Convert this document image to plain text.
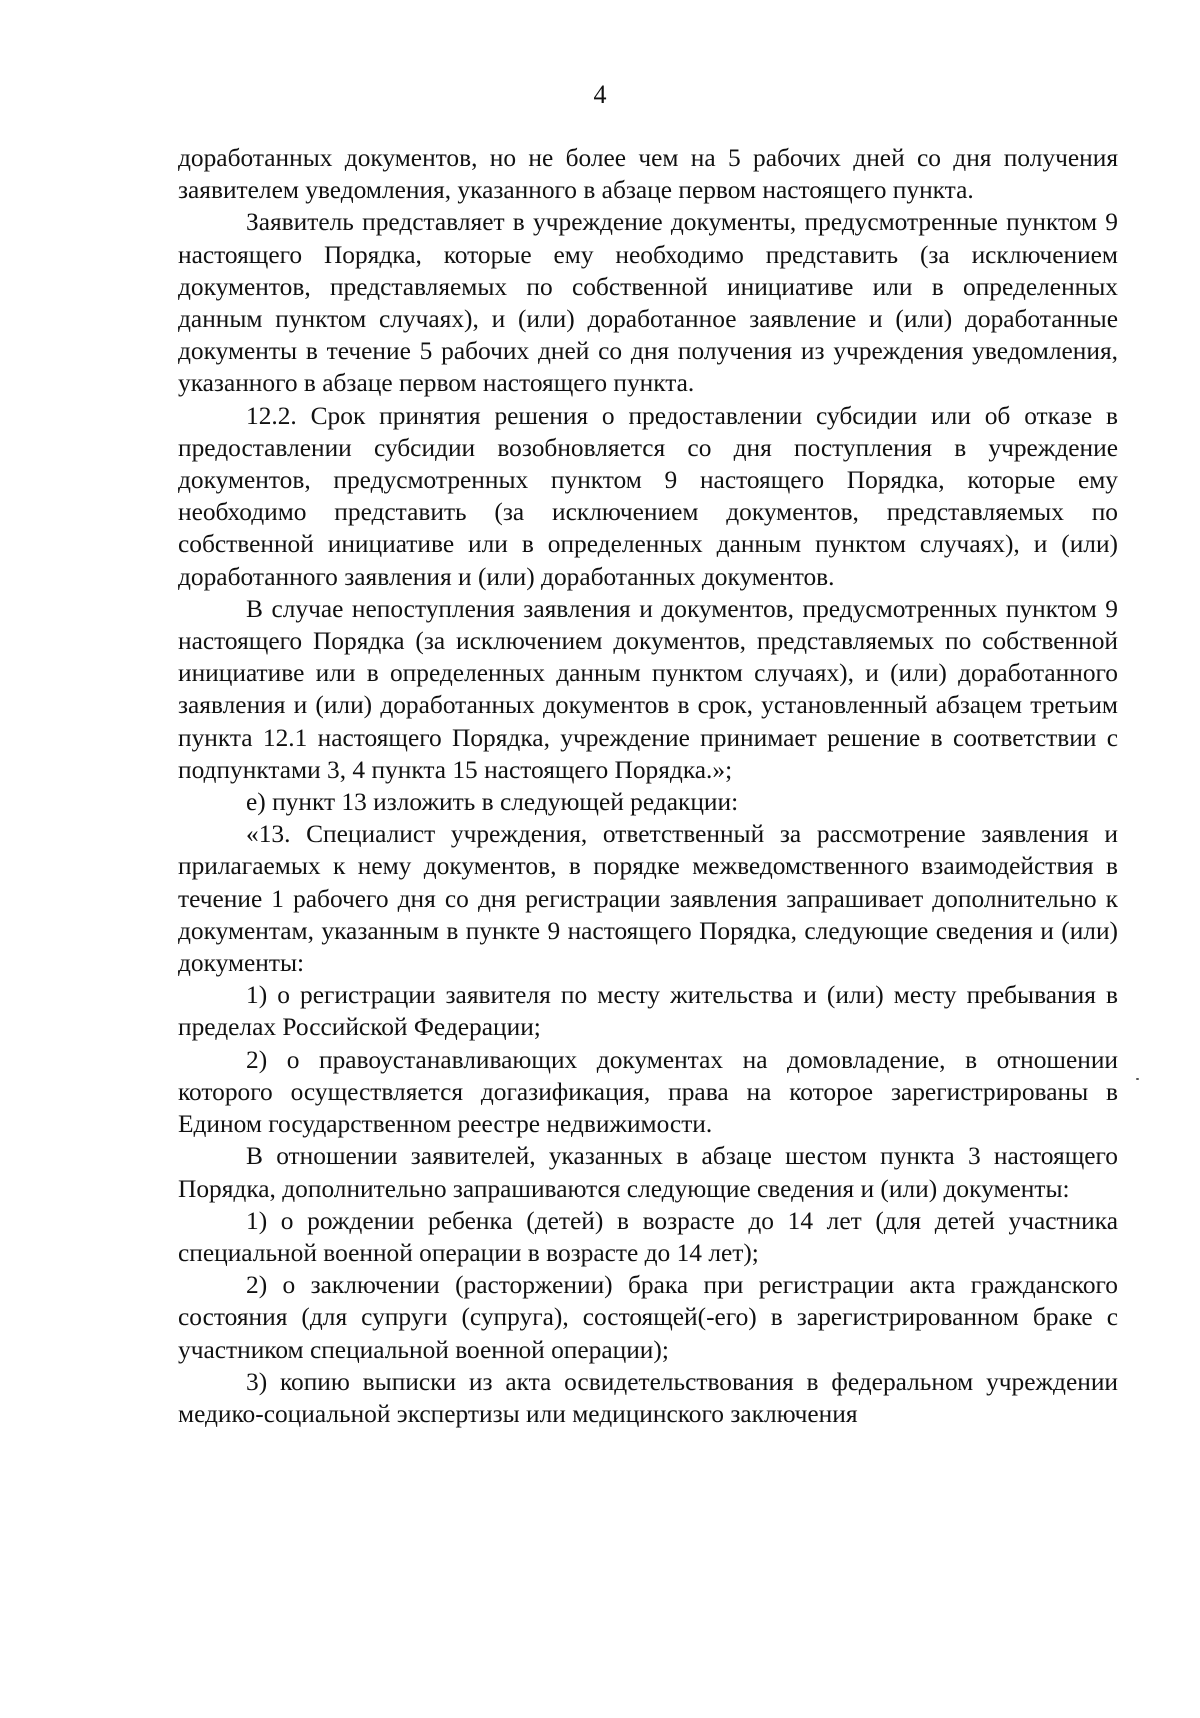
4

доработанных документов, но не более чем на 5 рабочих дней со дня получения заявителем уведомления, указанного в абзаце первом настоящего пункта.

Заявитель представляет в учреждение документы, предусмотренные пунктом 9 настоящего Порядка, которые ему необходимо представить (за исключением документов, представляемых по собственной инициативе или в определенных данным пунктом случаях), и (или) доработанное заявление и (или) доработанные документы в течение 5 рабочих дней со дня получения из учреждения уведомления, указанного в абзаце первом настоящего пункта.

12.2. Срок принятия решения о предоставлении субсидии или об отказе в предоставлении субсидии возобновляется со дня поступления в учреждение документов, предусмотренных пунктом 9 настоящего Порядка, которые ему необходимо представить (за исключением документов, представляемых по собственной инициативе или в определенных данным пунктом случаях), и (или) доработанного заявления и (или) доработанных документов.

В случае непоступления заявления и документов, предусмотренных пунктом 9 настоящего Порядка (за исключением документов, представляемых по собственной инициативе или в определенных данным пунктом случаях), и (или) доработанного заявления и (или) доработанных документов в срок, установленный абзацем третьим пункта 12.1 настоящего Порядка, учреждение принимает решение в соответствии с подпунктами 3, 4 пункта 15 настоящего Порядка.»;

е) пункт 13 изложить в следующей редакции:

«13. Специалист учреждения, ответственный за рассмотрение заявления и прилагаемых к нему документов, в порядке межведомственного взаимодействия в течение 1 рабочего дня со дня регистрации заявления запрашивает дополнительно к документам, указанным в пункте 9 настоящего Порядка, следующие сведения и (или) документы:

1) о регистрации заявителя по месту жительства и (или) месту пребывания в пределах Российской Федерации;

2) о правоустанавливающих документах на домовладение, в отношении которого осуществляется догазификация, права на которое зарегистрированы в Едином государственном реестре недвижимости.

В отношении заявителей, указанных в абзаце шестом пункта 3 настоящего Порядка, дополнительно запрашиваются следующие сведения и (или) документы:

1) о рождении ребенка (детей) в возрасте до 14 лет (для детей участника специальной военной операции в возрасте до 14 лет);

2) о заключении (расторжении) брака при регистрации акта гражданского состояния (для супруги (супруга), состоящей(-его) в зарегистрированном браке с участником специальной военной операции);

3) копию выписки из акта освидетельствования в федеральном учреждении медико-социальной экспертизы или медицинского заключения
